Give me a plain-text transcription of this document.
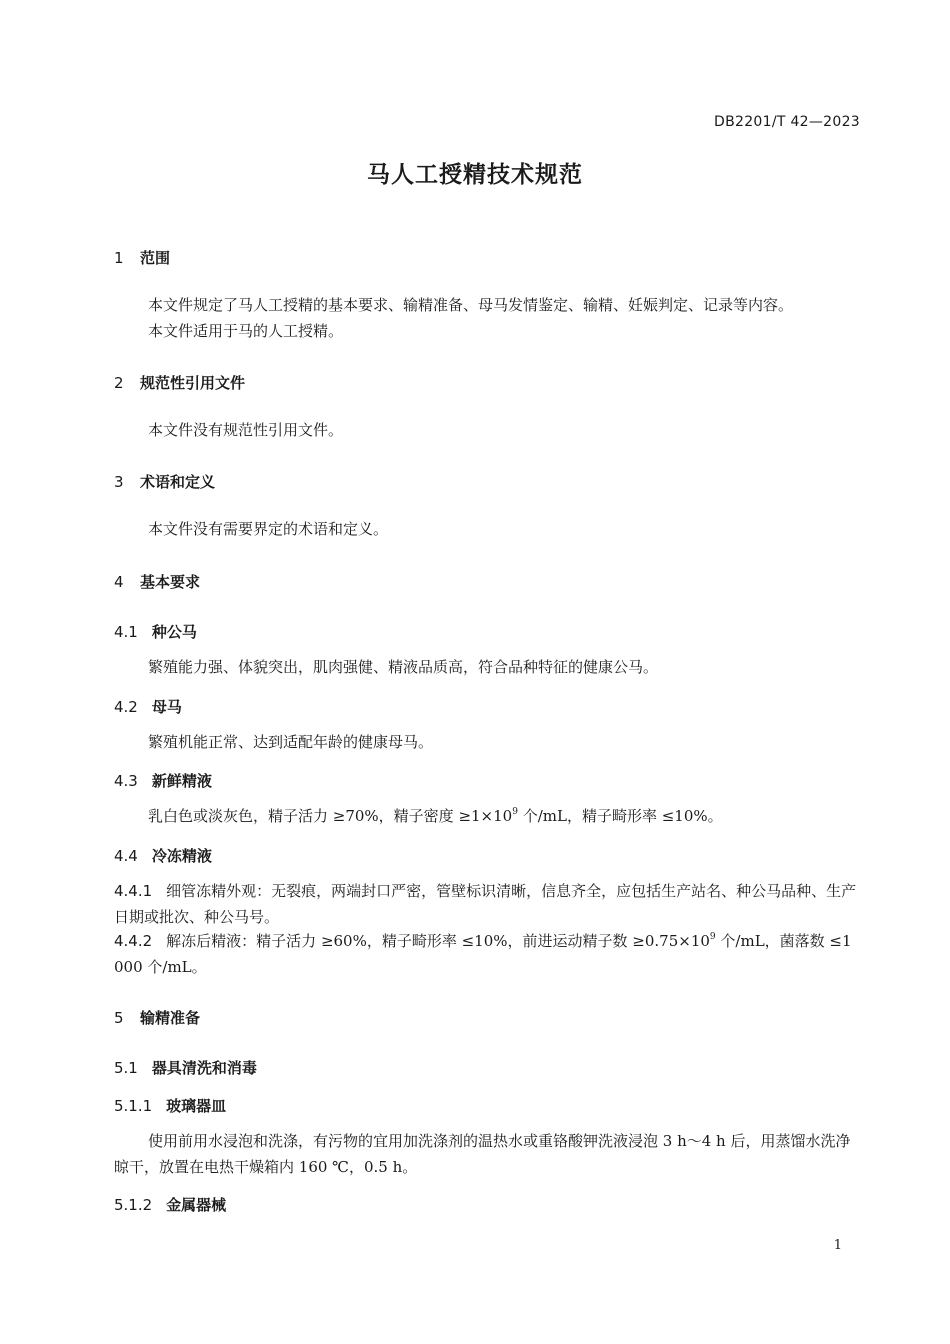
DB2201/T 42—2023
马人工授精技术规范
1 范围
本文件规定了马人工授精的基本要求、输精准备、母马发情鉴定、输精、妊娠判定、记录等内容。
本文件适用于马的人工授精。
2 规范性引用文件
本文件没有规范性引用文件。
3 术语和定义
本文件没有需要界定的术语和定义。
4 基本要求
4.1 种公马
繁殖能力强、体貌突出，肌肉强健、精液品质高，符合品种特征的健康公马。
4.2 母马
繁殖机能正常、达到适配年龄的健康母马。
4.3 新鲜精液
乳白色或淡灰色，精子活力 ≥70%，精子密度 $\ge 1\times 10^9$ 个/mL，精子畸形率 ≤10%。
4.4 冷冻精液
4.4.1 细管冻精外观：无裂痕，两端封口严密，管壁标识清晰，信息齐全，应包括生产站名、种公马品种、生产日期或批次、种公马号。
4.4.2 解冻后精液：精子活力 ≥60%，精子畸形率 ≤10%，前进运动精子数 $\ge 0.75\times 10^9$ 个/mL，菌落数 ≤1 000 个/mL。
5 输精准备
5.1 器具清洗和消毒
5.1.1 玻璃器皿
使用前用水浸泡和洗涤，有污物的宜用加洗涤剂的温热水或重铬酸钾洗液浸泡 3 h～4 h 后，用蒸馏水洗净晾干，放置在电热干燥箱内 160 ℃，0.5 h。
5.1.2 金属器械
1
